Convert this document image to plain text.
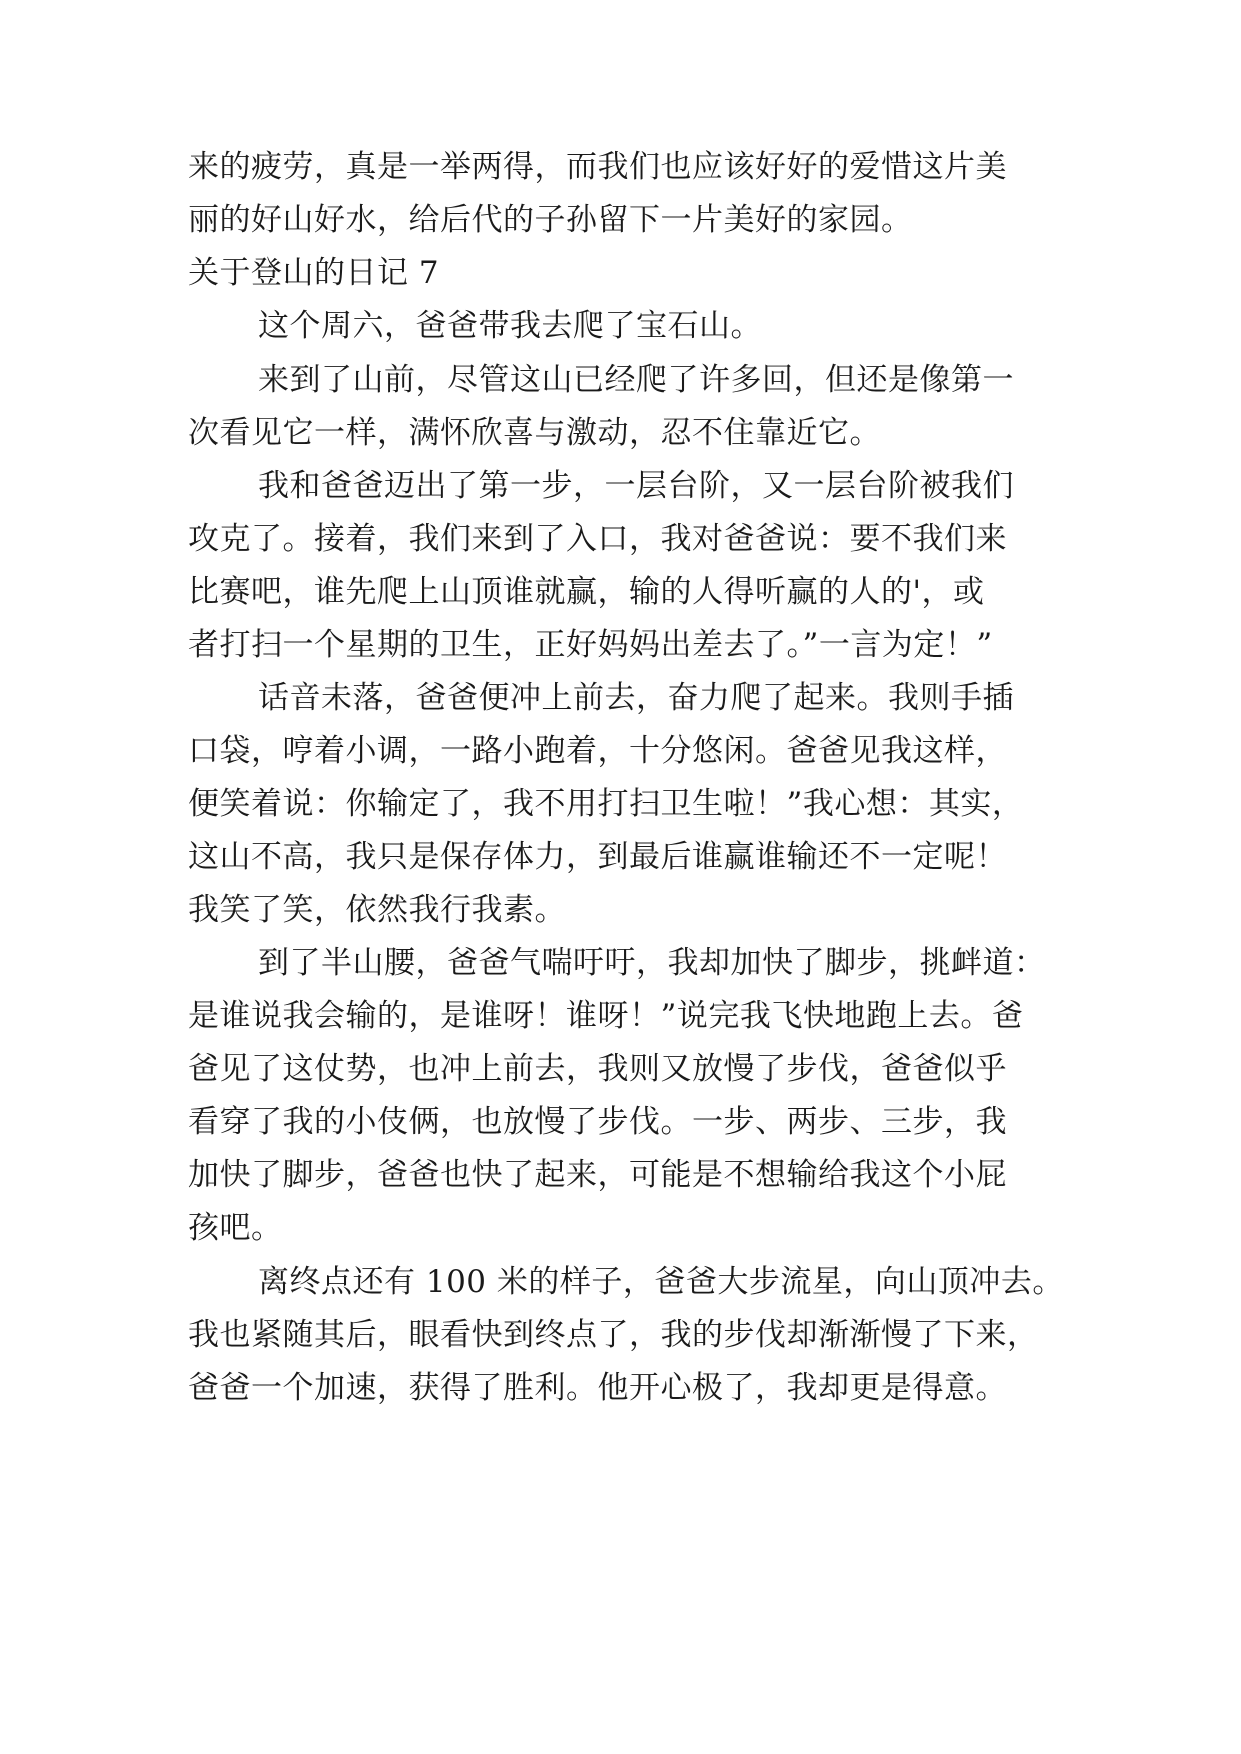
来的疲劳，真是一举两得，而我们也应该好好的爱惜这片美
丽的好山好水，给后代的子孙留下一片美好的家园。
关于登山的日记 7
这个周六，爸爸带我去爬了宝石山。
来到了山前，尽管这山已经爬了许多回，但还是像第一
次看见它一样，满怀欣喜与激动，忍不住靠近它。
我和爸爸迈出了第一步，一层台阶，又一层台阶被我们
攻克了。接着，我们来到了入口，我对爸爸说：要不我们来
比赛吧，谁先爬上山顶谁就赢，输的人得听赢的人的'，或
者打扫一个星期的卫生，正好妈妈出差去了。”一言为定！”
话音未落，爸爸便冲上前去，奋力爬了起来。我则手插
口袋，哼着小调，一路小跑着，十分悠闲。爸爸见我这样，
便笑着说：你输定了，我不用打扫卫生啦！”我心想：其实，
这山不高，我只是保存体力，到最后谁赢谁输还不一定呢！
我笑了笑，依然我行我素。
到了半山腰，爸爸气喘吁吁，我却加快了脚步，挑衅道：
是谁说我会输的，是谁呀！谁呀！”说完我飞快地跑上去。爸
爸见了这仗势，也冲上前去，我则又放慢了步伐，爸爸似乎
看穿了我的小伎俩，也放慢了步伐。一步、两步、三步，我
加快了脚步，爸爸也快了起来，可能是不想输给我这个小屁
孩吧。
离终点还有 100 米的样子，爸爸大步流星，向山顶冲去。
我也紧随其后，眼看快到终点了，我的步伐却渐渐慢了下来，
爸爸一个加速，获得了胜利。他开心极了，我却更是得意。
